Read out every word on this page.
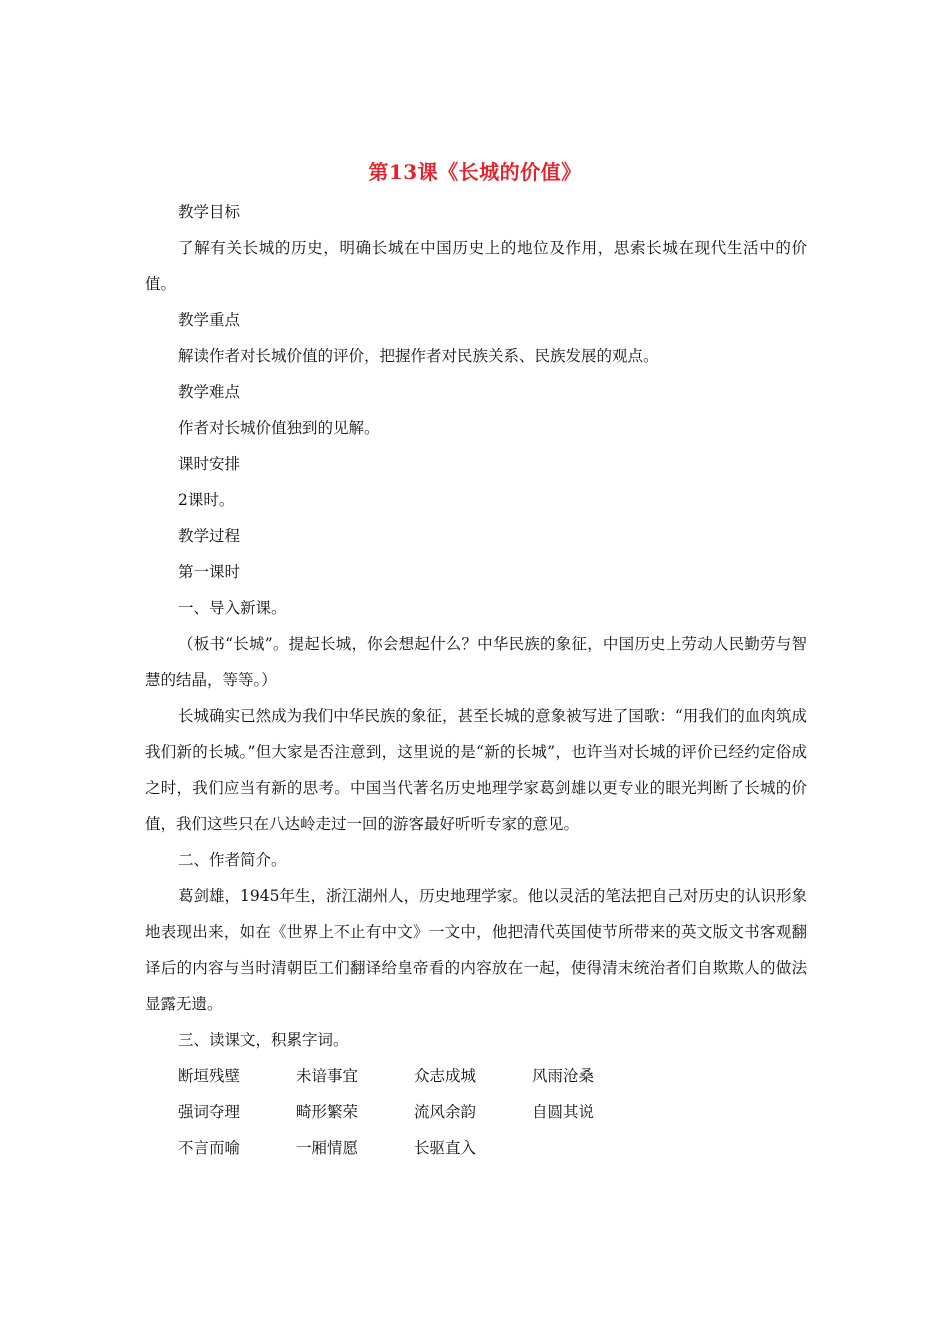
第13课《长城的价值》

教学目标

了解有关长城的历史，明确长城在中国历史上的地位及作用，思索长城在现代生活中的价值。

教学重点

解读作者对长城价值的评价，把握作者对民族关系、民族发展的观点。

教学难点

作者对长城价值独到的见解。

课时安排

2课时。

教学过程

第一课时

一、导入新课。

（板书“长城”。提起长城，你会想起什么？中华民族的象征，中国历史上劳动人民勤劳与智慧的结晶，等等。）

长城确实已然成为我们中华民族的象征，甚至长城的意象被写进了国歌：“用我们的血肉筑成我们新的长城。”但大家是否注意到，这里说的是“新的长城”，也许当对长城的评价已经约定俗成之时，我们应当有新的思考。中国当代著名历史地理学家葛剑雄以更专业的眼光判断了长城的价值，我们这些只在八达岭走过一回的游客最好听听专家的意见。

二、作者简介。

葛剑雄，1945年生，浙江湖州人，历史地理学家。他以灵活的笔法把自己对历史的认识形象地表现出来，如在《世界上不止有中文》一文中，他把清代英国使节所带来的英文版文书客观翻译后的内容与当时清朝臣工们翻译给皇帝看的内容放在一起，使得清末统治者们自欺欺人的做法显露无遗。

三、读课文，积累字词。

断垣残壁	未谙事宜	众志成城	风雨沧桑
强词夺理	畸形繁荣	流风余韵	自圆其说
不言而喻	一厢情愿	长驱直入
